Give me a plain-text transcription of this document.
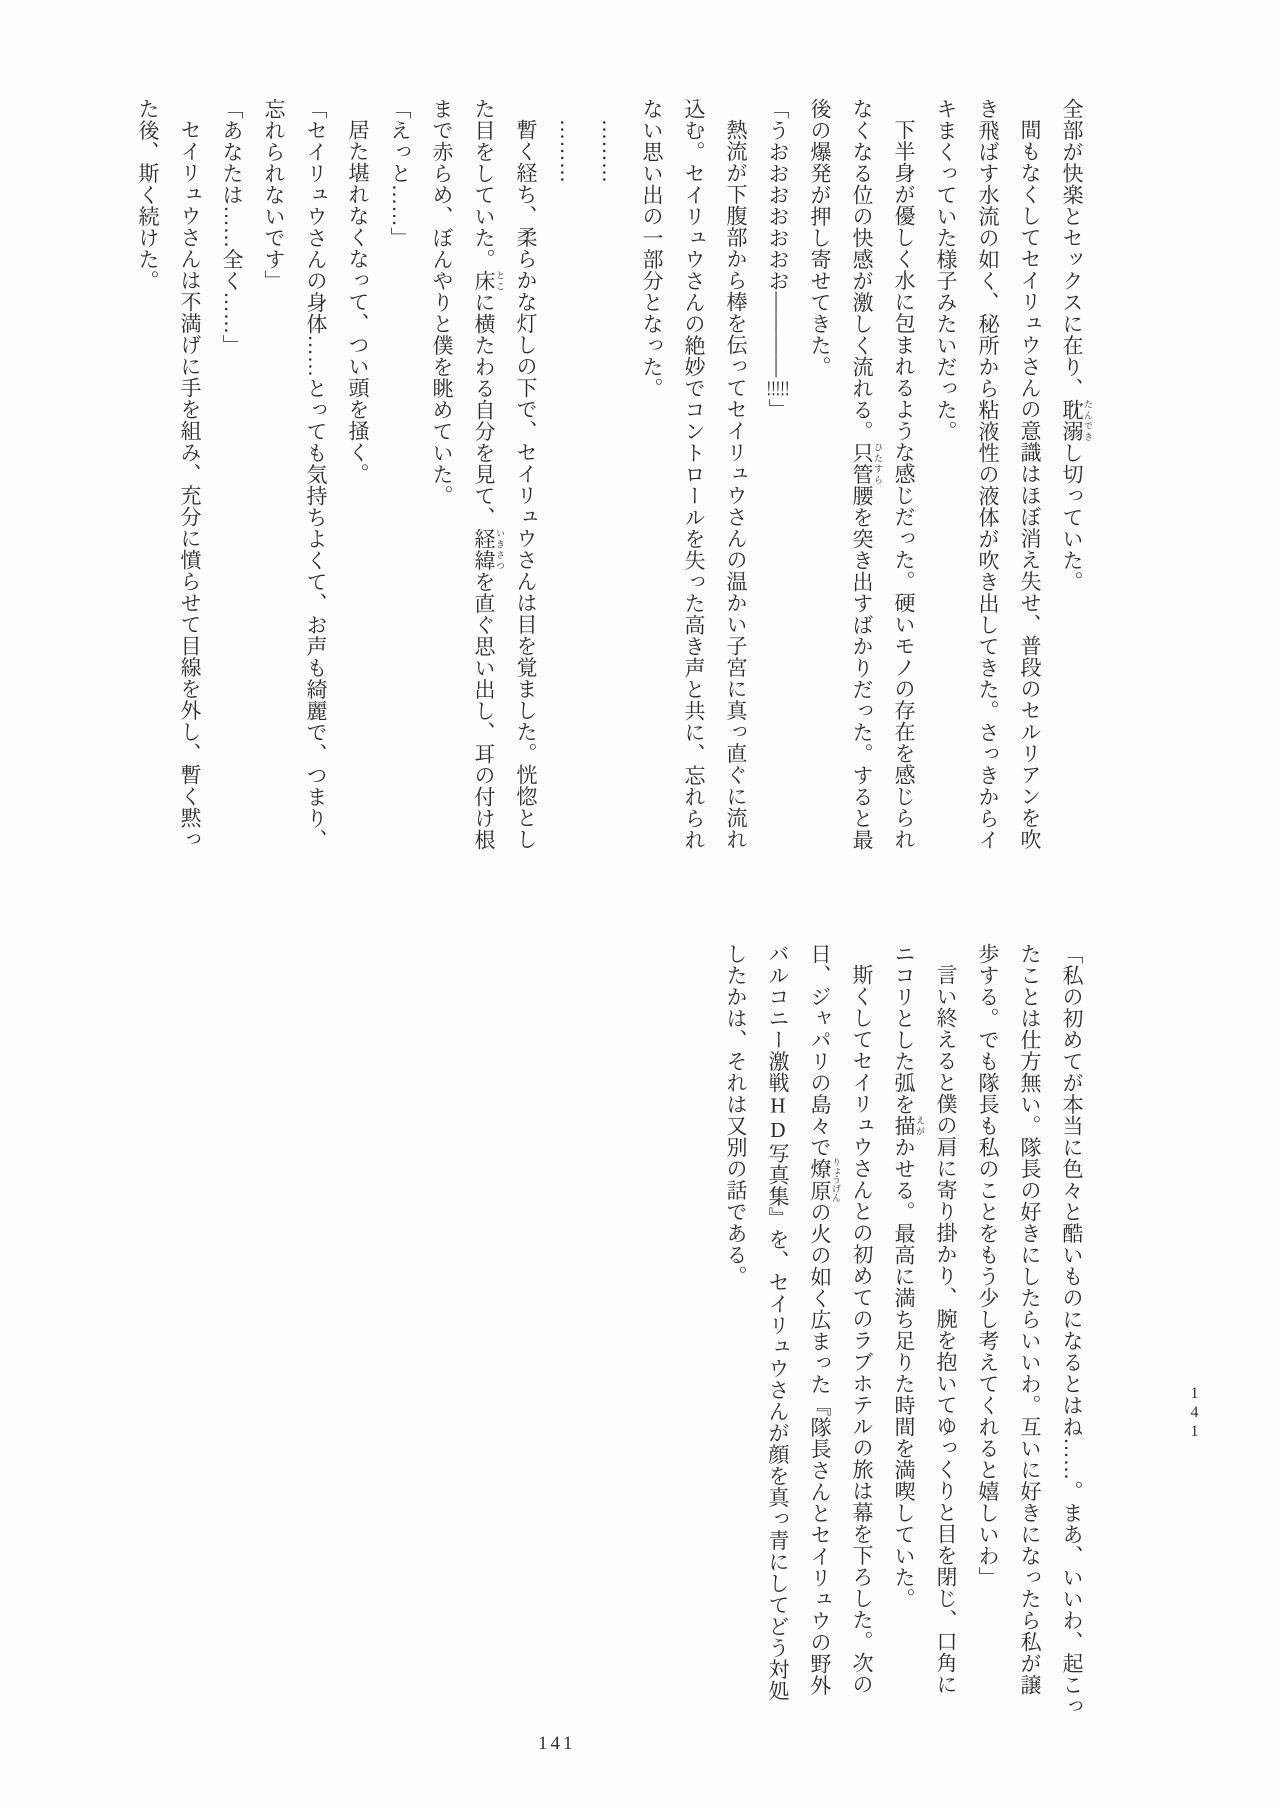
全部が快楽とセックスに在り、耽溺 たんできし切っていた。
間もなくしてセイリュウさんの意識はほぼ消え失せ、普段のセルリアンを吹
き飛ばす水流の如く、秘所から粘液性の液体が吹き出してきた。さっきからイ
キまくっていた様子みたいだった。
下半身が優しく水に包まれるような感じだった。硬いモノの存在を感じられ
なくなる位の快感が激しく流れる。只管 ひたすら腰を突き出すばかりだった。すると最
後の爆発が押し寄せてきた。
「うおおおおおおお――――!!!!!」
熱流が下腹部から棒を伝ってセイリュウさんの温かい子宮に真っ直ぐに流れ
込む。セイリュウさんの絶妙でコントロールを失った高き声と共に、忘れられ
ない思い出の一部分となった。
………
………
暫く経ち、柔らかな灯しの下で、セイリュウさんは目を覚ました。恍惚とし
た目をしていた。床 とこに横たわる自分を見て、経緯 いきさつを直ぐ思い出し、耳の付け根
まで赤らめ、ぼんやりと僕を眺めていた。
「えっと……」
居た堪れなくなって、つい頭を掻く。
「セイリュウさんの身体……とっても気持ちよくて、お声も綺麗で、つまり、
忘れられないです」
「あなたは……全く……」
セイリュウさんは不満げに手を組み、充分に憤らせて目線を外し、暫く黙っ
た後、斯く続けた。
「私の初めてが本当に色々と酷いものになるとはね……。まあ、いいわ、起こっ
たことは仕方無い。隊長の好きにしたらいいわ。互いに好きになったら私が譲
歩する。でも隊長も私のことをもう少し考えてくれると嬉しいわ」
言い終えると僕の肩に寄り掛かり、腕を抱いてゆっくりと目を閉じ、口角に
ニコリとした弧を描 えがかせる。最高に満ち足りた時間を満喫していた。
斯くしてセイリュウさんとの初めてのラブホテルの旅は幕を下ろした。次の
日、ジャパリの島々で燎原 りょうげんの火の如く広まった『隊長さんとセイリュウの野外
バルコニー激戦HD写真集』を、セイリュウさんが顔を真っ青にしてどう対処
したかは、それは又別の話である。
141
141
